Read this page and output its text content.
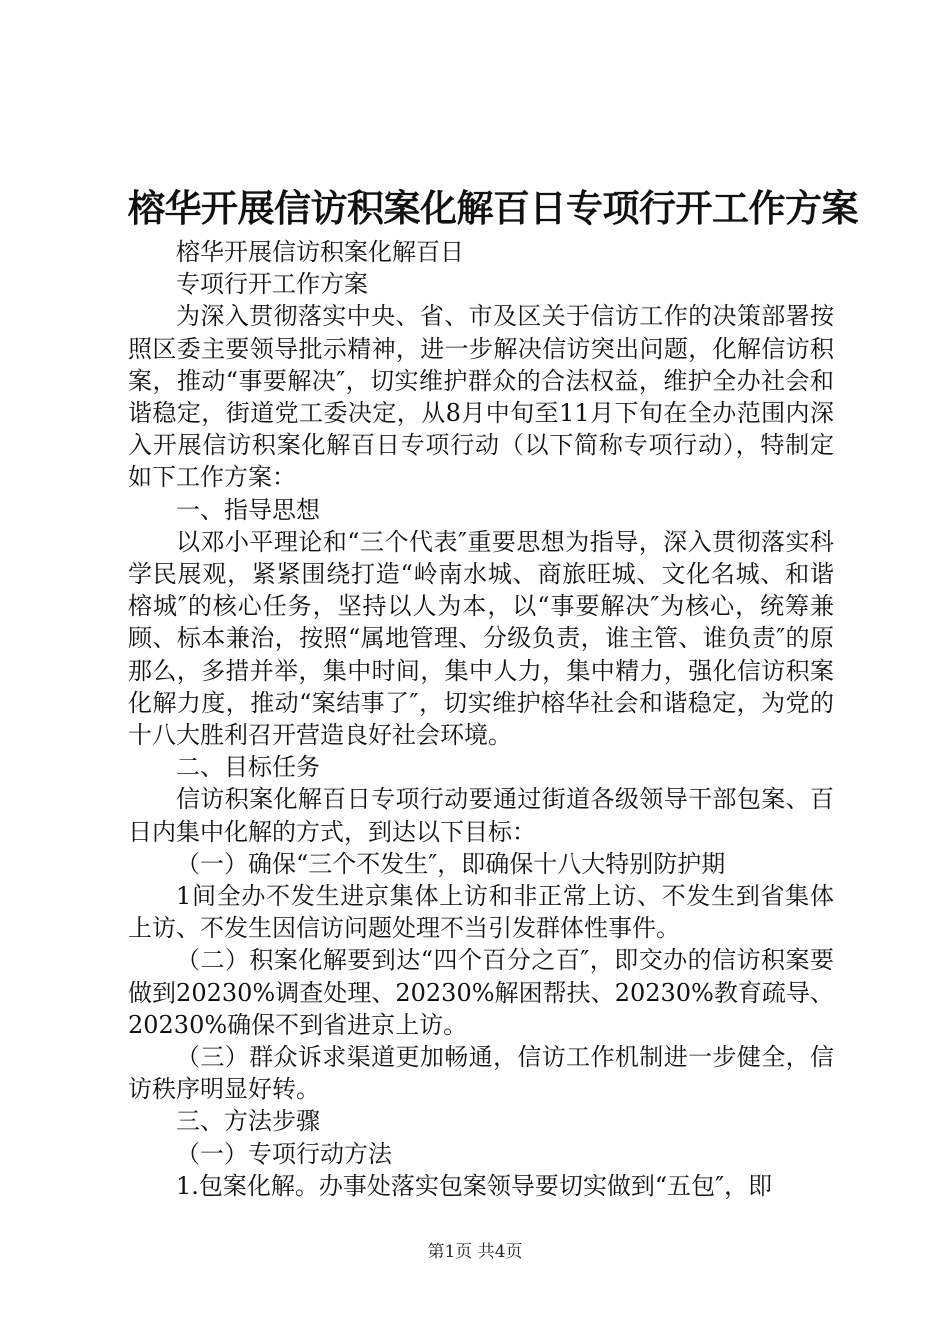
榕华开展信访积案化解百日专项行开工作方案

榕华开展信访积案化解百日

专项行开工作方案

为深入贯彻落实中央、省、市及区关于信访工作的决策部署按照区委主要领导批示精神，进一步解决信访突出问题，化解信访积案，推动“事要解决″，切实维护群众的合法权益，维护全办社会和谐稳定，街道党工委决定，从8月中旬至11月下旬在全办范围内深入开展信访积案化解百日专项行动（以下简称专项行动），特制定如下工作方案：

一、指导思想

以邓小平理论和“三个代表″重要思想为指导，深入贯彻落实科学民展观，紧紧围绕打造“岭南水城、商旅旺城、文化名城、和谐榕城″的核心任务，坚持以人为本，以“事要解决″为核心，统筹兼顾、标本兼治，按照“属地管理、分级负责，谁主管、谁负责″的原那么，多措并举，集中时间，集中人力，集中精力，强化信访积案化解力度，推动“案结事了″，切实维护榕华社会和谐稳定，为党的十八大胜利召开营造良好社会环境。

二、目标任务

信访积案化解百日专项行动要通过街道各级领导干部包案、百日内集中化解的方式，到达以下目标：

（一）确保“三个不发生″，即确保十八大特别防护期

1间全办不发生进京集体上访和非正常上访、不发生到省集体上访、不发生因信访问题处理不当引发群体性事件。

（二）积案化解要到达“四个百分之百″，即交办的信访积案要做到20230%调查处理、20230%解困帮扶、20230%教育疏导、20230%确保不到省进京上访。

（三）群众诉求渠道更加畅通，信访工作机制进一步健全，信访秩序明显好转。

三、方法步骤

（一）专项行动方法

1.包案化解。办事处落实包案领导要切实做到“五包″，即

第1页 共4页
